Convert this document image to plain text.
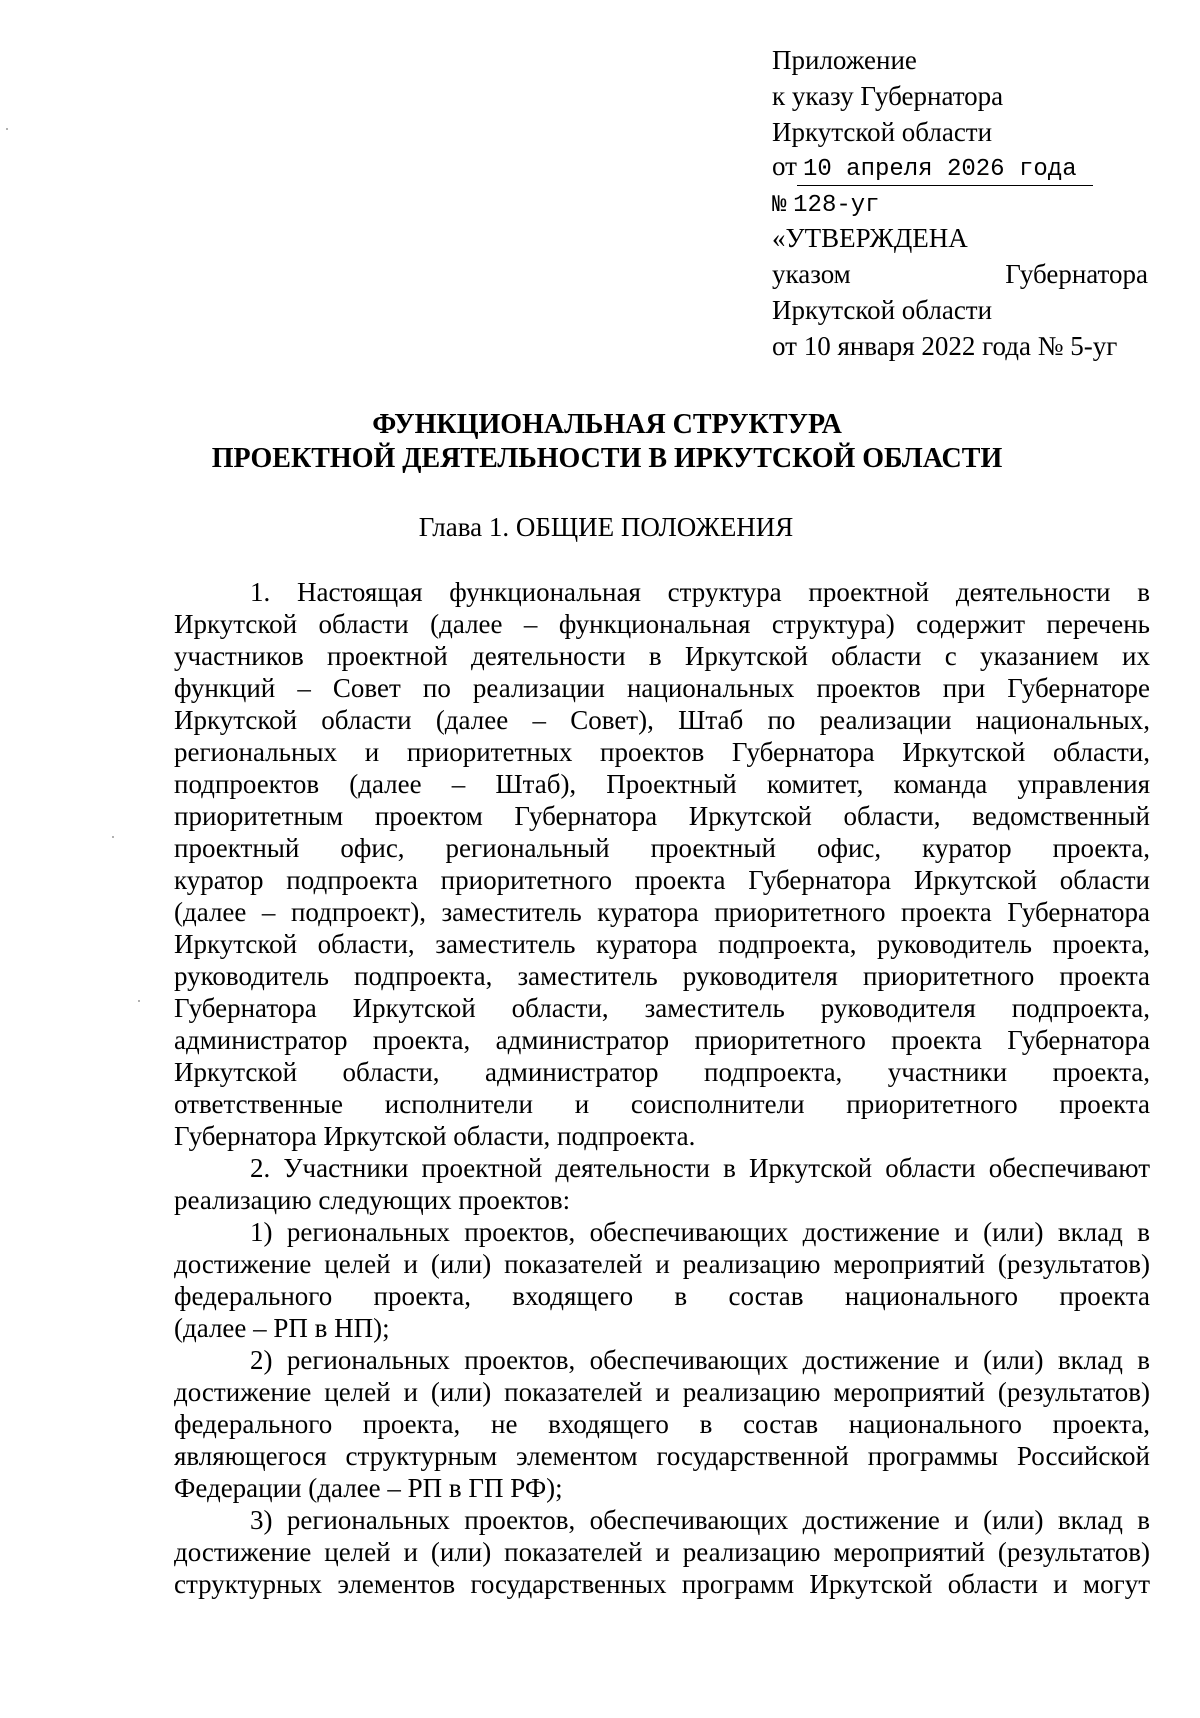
Приложение
к указу Губернатора
Иркутской области
от 10 апреля 2026 года
№ 128-уг
«УТВЕРЖДЕНА
указом	Губернатора
Иркутской области
от 10 января 2022 года № 5-уг
ФУНКЦИОНАЛЬНАЯ СТРУКТУРА
ПРОЕКТНОЙ ДЕЯТЕЛЬНОСТИ В ИРКУТСКОЙ ОБЛАСТИ
Глава 1. ОБЩИЕ ПОЛОЖЕНИЯ
1. Настоящая функциональная структура проектной деятельности в
Иркутской области (далее – функциональная структура) содержит перечень
участников проектной деятельности в Иркутской области с указанием их
функций – Совет по реализации национальных проектов при Губернаторе
Иркутской области (далее – Совет), Штаб по реализации национальных,
региональных и приоритетных проектов Губернатора Иркутской области,
подпроектов (далее – Штаб), Проектный комитет, команда управления
приоритетным проектом Губернатора Иркутской области, ведомственный
проектный офис, региональный проектный офис, куратор проекта,
куратор подпроекта приоритетного проекта Губернатора Иркутской области
(далее – подпроект), заместитель куратора приоритетного проекта Губернатора
Иркутской области, заместитель куратора подпроекта, руководитель проекта,
руководитель подпроекта, заместитель руководителя приоритетного проекта
Губернатора Иркутской области, заместитель руководителя подпроекта,
администратор проекта, администратор приоритетного проекта Губернатора
Иркутской области, администратор подпроекта, участники проекта,
ответственные исполнители и соисполнители приоритетного проекта
Губернатора Иркутской области, подпроекта.
2. Участники проектной деятельности в Иркутской области обеспечивают
реализацию следующих проектов:
1) региональных проектов, обеспечивающих достижение и (или) вклад в
достижение целей и (или) показателей и реализацию мероприятий (результатов)
федерального проекта, входящего в состав национального проекта
(далее – РП в НП);
2) региональных проектов, обеспечивающих достижение и (или) вклад в
достижение целей и (или) показателей и реализацию мероприятий (результатов)
федерального проекта, не входящего в состав национального проекта,
являющегося структурным элементом государственной программы Российской
Федерации (далее – РП в ГП РФ);
3) региональных проектов, обеспечивающих достижение и (или) вклад в
достижение целей и (или) показателей и реализацию мероприятий (результатов)
структурных элементов государственных программ Иркутской области и могут
